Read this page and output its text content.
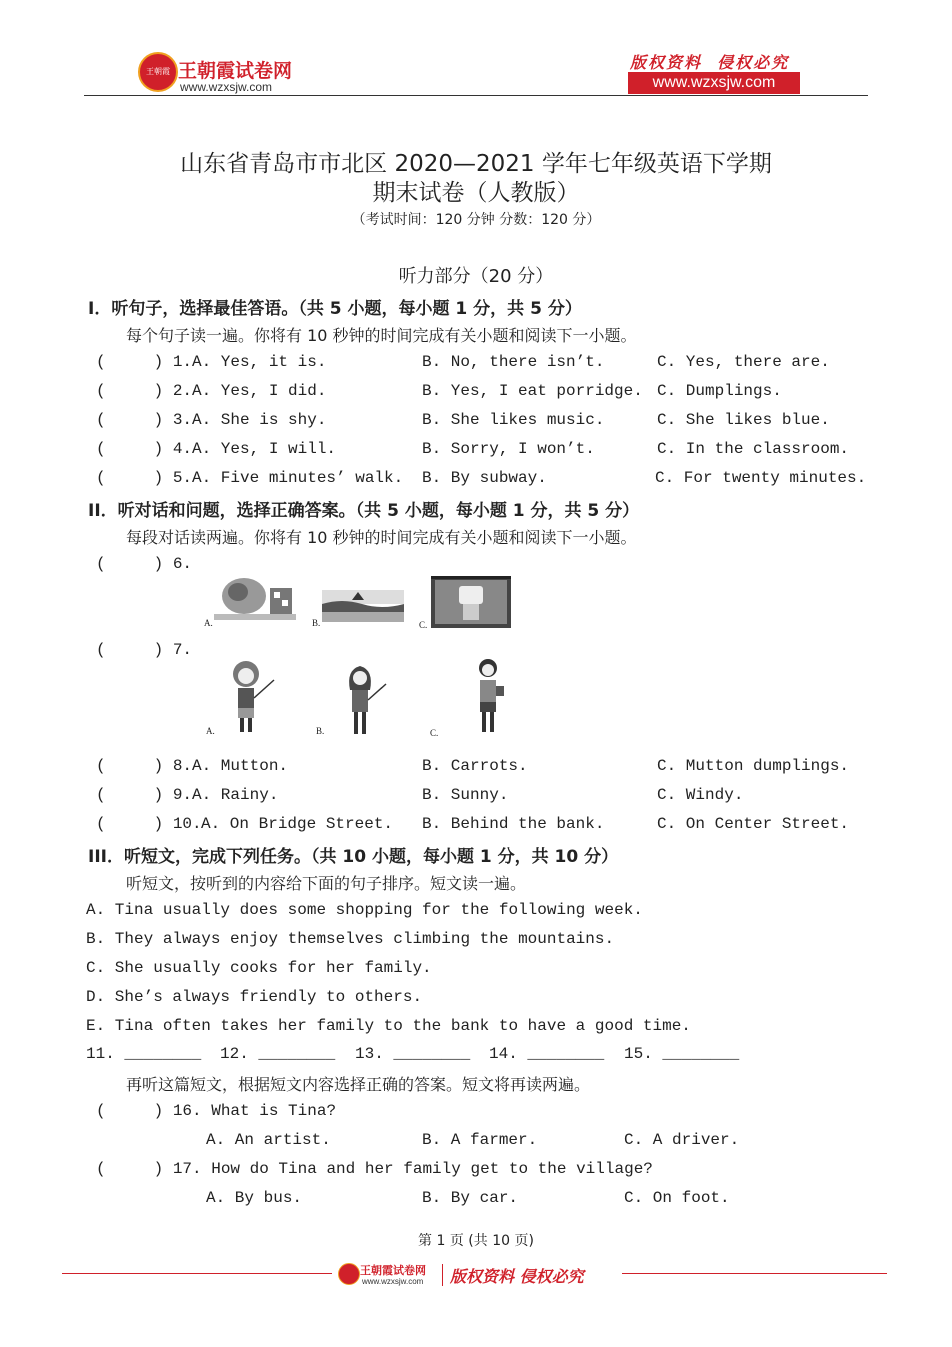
王朝霞 王朝霞试卷网
www.wzxsjw.com
版权资料  侵权必究
www.wzxsjw.com
山东省青岛市市北区 2020—2021 学年七年级英语下学期
期末试卷（人教版）
（考试时间：120 分钟 分数：120 分）
听力部分（20 分）
I．听句子，选择最佳答语。（共 5 小题，每小题 1 分，共 5 分）
每个句子读一遍。你将有 10 秒钟的时间完成有关小题和阅读下一小题。
(     ) 1. A. Yes, it is.	B. No, there isn’t.	C. Yes, there are.
(     ) 2. A. Yes, I did.	B. Yes, I eat porridge. C. Dumplings.
(     ) 3. A. She is shy.	B. She likes music.	C. She likes blue.
(     ) 4. A. Yes, I will.	B. Sorry, I won’t.	C. In the classroom.
(     ) 5. A. Five minutes’ walk. B. By subway.	C. For twenty minutes.
II．听对话和问题，选择正确答案。（共 5 小题，每小题 1 分，共 5 分）
每段对话读两遍。你将有 10 秒钟的时间完成有关小题和阅读下一小题。
(     ) 6.
A.	B.	C.
(     ) 7.
A.	B.	C.
(     ) 8. A. Mutton.	B. Carrots.	C. Mutton dumplings.
(     ) 9. A. Rainy.	B. Sunny.	C. Windy.
(     ) 10. A. On Bridge Street. B. Behind the bank.	C. On Center Street.
III．听短文，完成下列任务。（共 10 小题，每小题 1 分，共 10 分）
听短文，按听到的内容给下面的句子排序。短文读一遍。
A. Tina usually does some shopping for the following week.
B. They always enjoy themselves climbing the mountains.
C. She usually cooks for her family.
D. She’s always friendly to others.
E. Tina often takes her family to the bank to have a good time.
11. ________ 12. ________ 13. ________ 14. ________ 15. ________
再听这篇短文，根据短文内容选择正确的答案。短文将再读两遍。
(     ) 16. What is Tina?
A. An artist.	B. A farmer.	C. A driver.
(     ) 17. How do Tina and her family get to the village?
A. By bus.	B. By car.	C. On foot.
第 1 页 (共 10 页)
王朝霞试卷网
www.wzxsjw.com 版权资料 侵权必究
